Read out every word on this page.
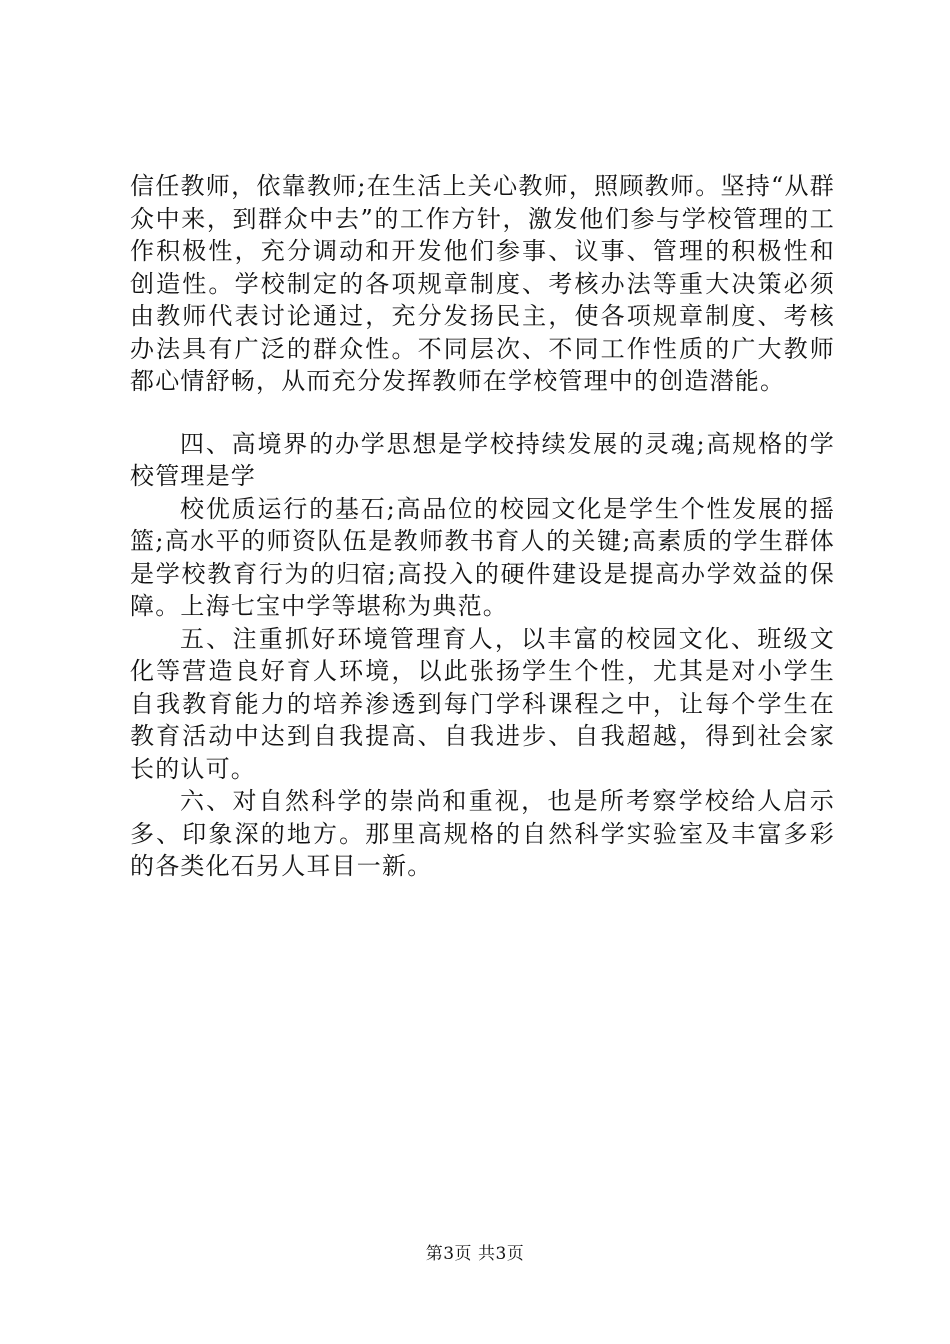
信任教师，依靠教师;在生活上关心教师，照顾教师。坚持“从群众中来，到群众中去”的工作方针，激发他们参与学校管理的工作积极性，充分调动和开发他们参事、议事、管理的积极性和创造性。学校制定的各项规章制度、考核办法等重大决策必须由教师代表讨论通过，充分发扬民主，使各项规章制度、考核办法具有广泛的群众性。不同层次、不同工作性质的广大教师都心情舒畅，从而充分发挥教师在学校管理中的创造潜能。

四、高境界的办学思想是学校持续发展的灵魂;高规格的学校管理是学

校优质运行的基石;高品位的校园文化是学生个性发展的摇篮;高水平的师资队伍是教师教书育人的关键;高素质的学生群体是学校教育行为的归宿;高投入的硬件建设是提高办学效益的保障。上海七宝中学等堪称为典范。

五、注重抓好环境管理育人，以丰富的校园文化、班级文化等营造良好育人环境，以此张扬学生个性，尤其是对小学生自我教育能力的培养渗透到每门学科课程之中，让每个学生在教育活动中达到自我提高、自我进步、自我超越，得到社会家长的认可。

六、对自然科学的崇尚和重视，也是所考察学校给人启示多、印象深的地方。那里高规格的自然科学实验室及丰富多彩的各类化石另人耳目一新。

第3页 共3页
